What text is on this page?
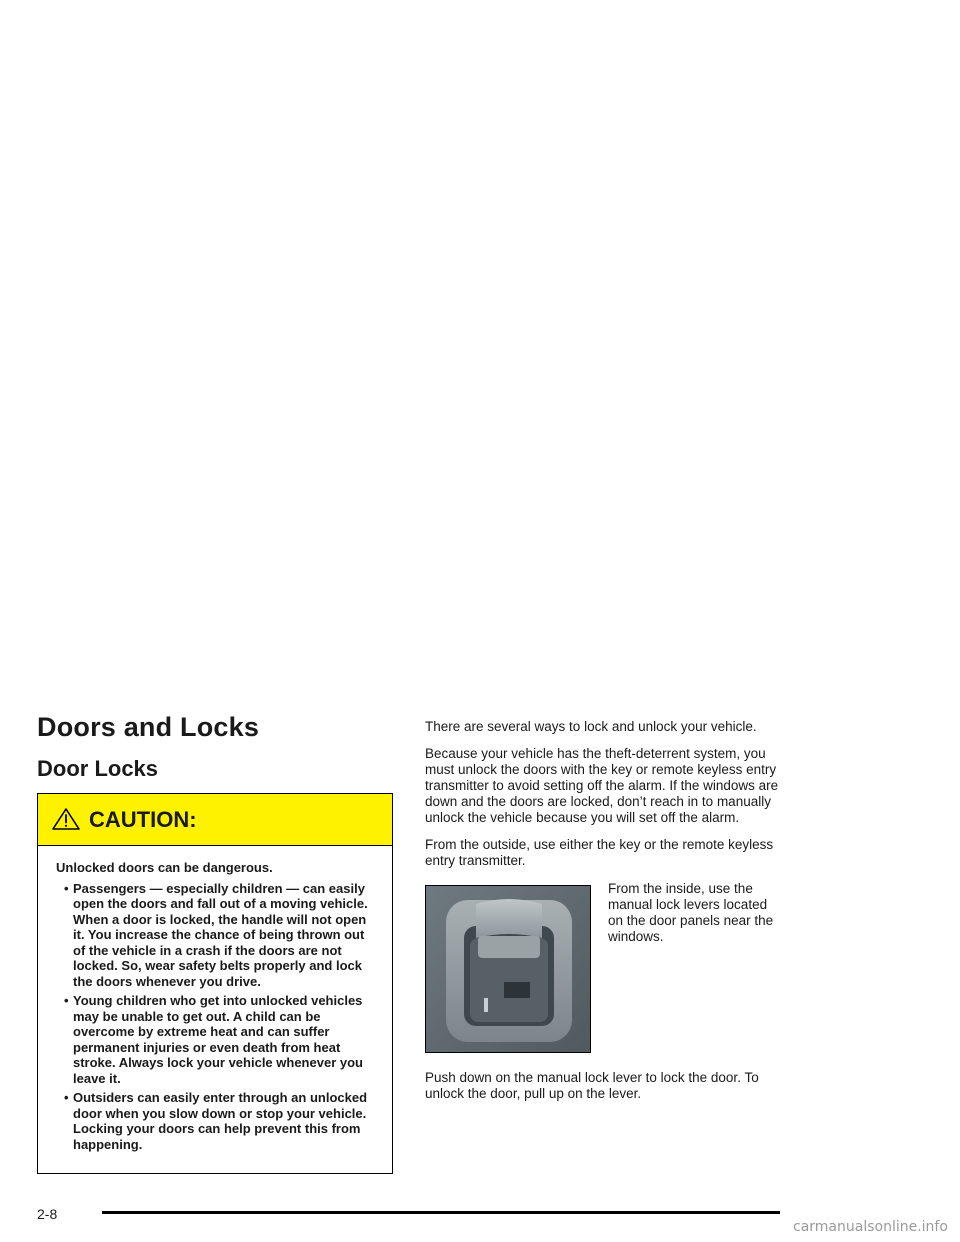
Doors and Locks
Door Locks
CAUTION:

Unlocked doors can be dangerous.

• Passengers — especially children — can easily open the doors and fall out of a moving vehicle. When a door is locked, the handle will not open it. You increase the chance of being thrown out of the vehicle in a crash if the doors are not locked. So, wear safety belts properly and lock the doors whenever you drive.
• Young children who get into unlocked vehicles may be unable to get out. A child can be overcome by extreme heat and can suffer permanent injuries or even death from heat stroke. Always lock your vehicle whenever you leave it.
• Outsiders can easily enter through an unlocked door when you slow down or stop your vehicle. Locking your doors can help prevent this from happening.

There are several ways to lock and unlock your vehicle.

Because your vehicle has the theft-deterrent system, you must unlock the doors with the key or remote keyless entry transmitter to avoid setting off the alarm. If the windows are down and the doors are locked, don’t reach in to manually unlock the vehicle because you will set off the alarm.

From the outside, use either the key or the remote keyless entry transmitter.

From the inside, use the manual lock levers located on the door panels near the windows.

Push down on the manual lock lever to lock the door. To unlock the door, pull up on the lever.

2-8
carmanualsonline.info
